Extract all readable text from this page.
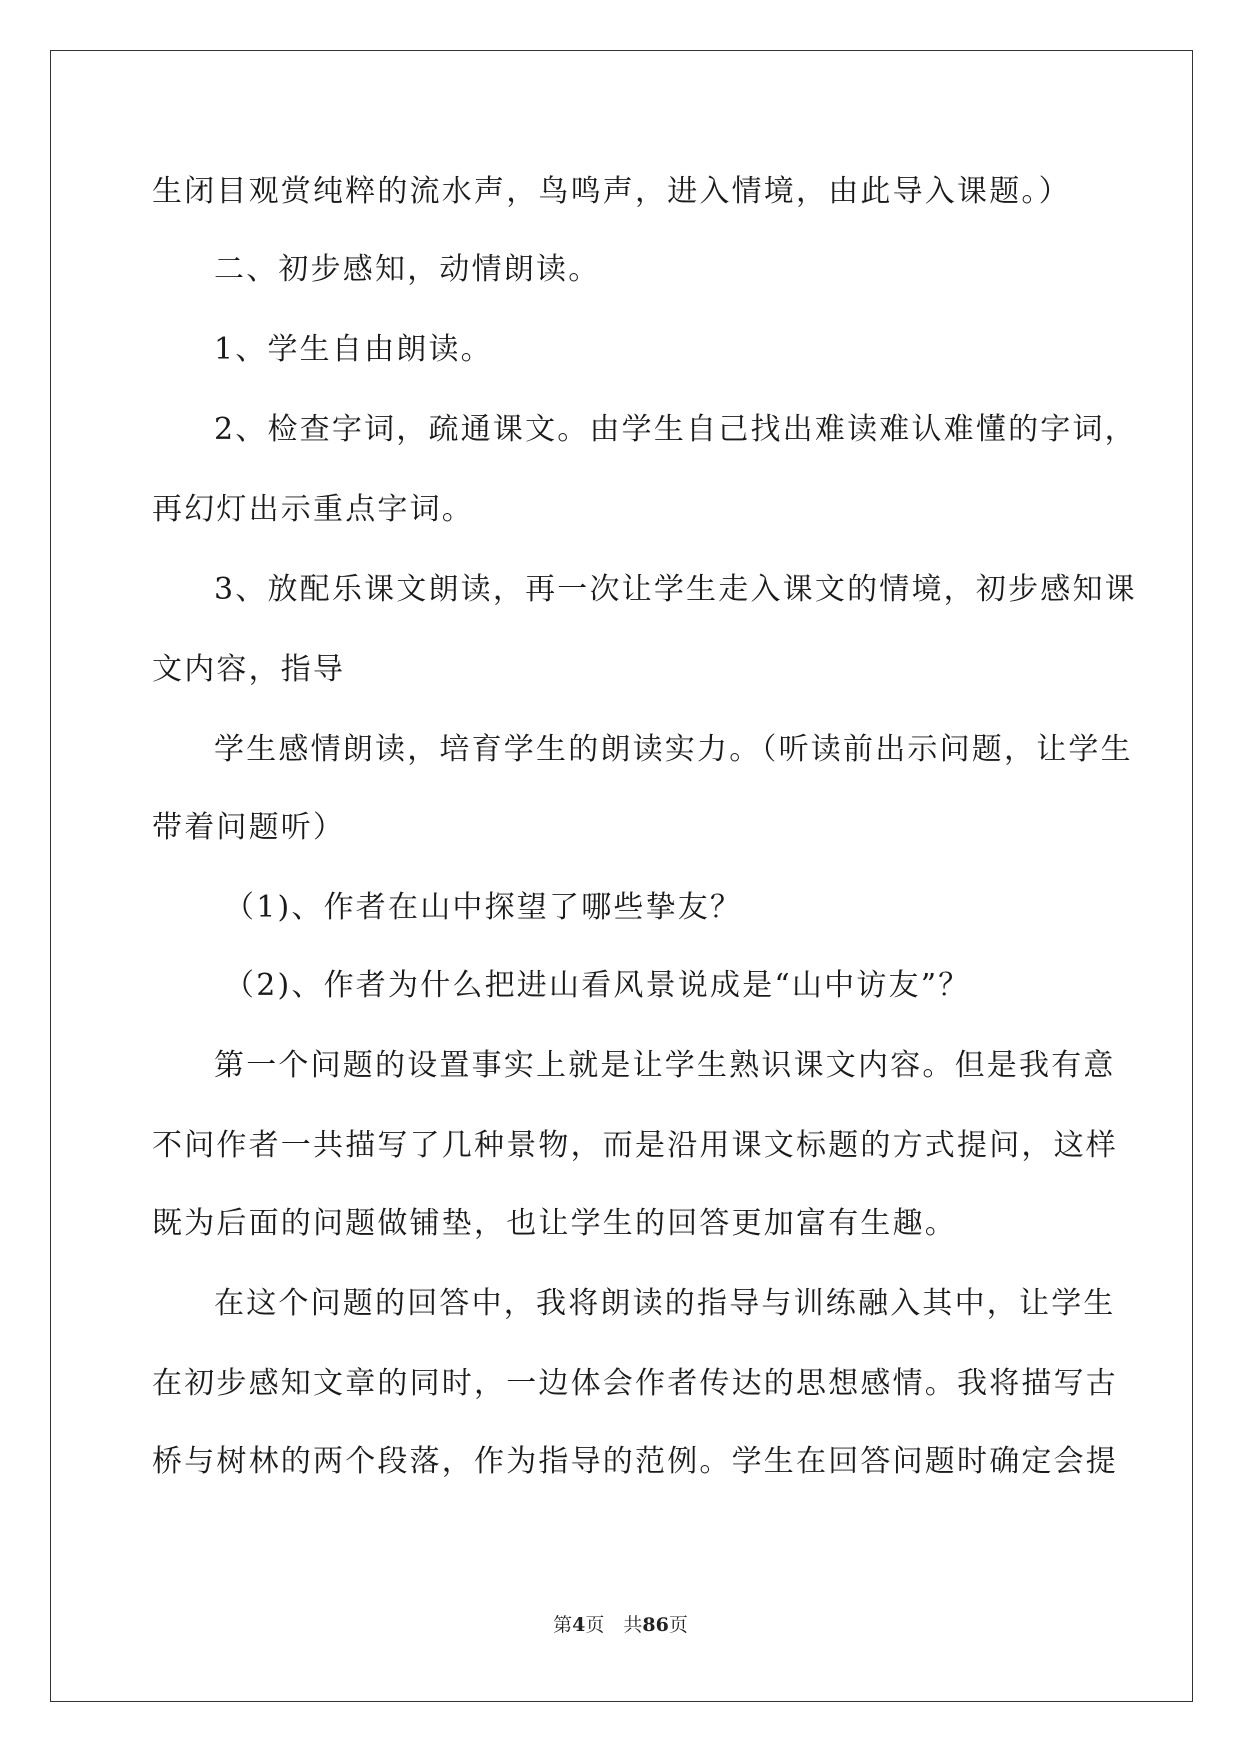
生闭目观赏纯粹的流水声，鸟鸣声，进入情境，由此导入课题。）
二、初步感知，动情朗读。
1、学生自由朗读。
2、检查字词，疏通课文。由学生自己找出难读难认难懂的字词，
再幻灯出示重点字词。
3、放配乐课文朗读，再一次让学生走入课文的情境，初步感知课
文内容，指导
学生感情朗读，培育学生的朗读实力。（听读前出示问题，让学生
带着问题听）
（1)、作者在山中探望了哪些挚友？
（2)、作者为什么把进山看风景说成是“山中访友”？
第一个问题的设置事实上就是让学生熟识课文内容。但是我有意
不问作者一共描写了几种景物，而是沿用课文标题的方式提问，这样
既为后面的问题做铺垫，也让学生的回答更加富有生趣。
在这个问题的回答中，我将朗读的指导与训练融入其中，让学生
在初步感知文章的同时，一边体会作者传达的思想感情。我将描写古
桥与树林的两个段落，作为指导的范例。学生在回答问题时确定会提
第4页　共86页
